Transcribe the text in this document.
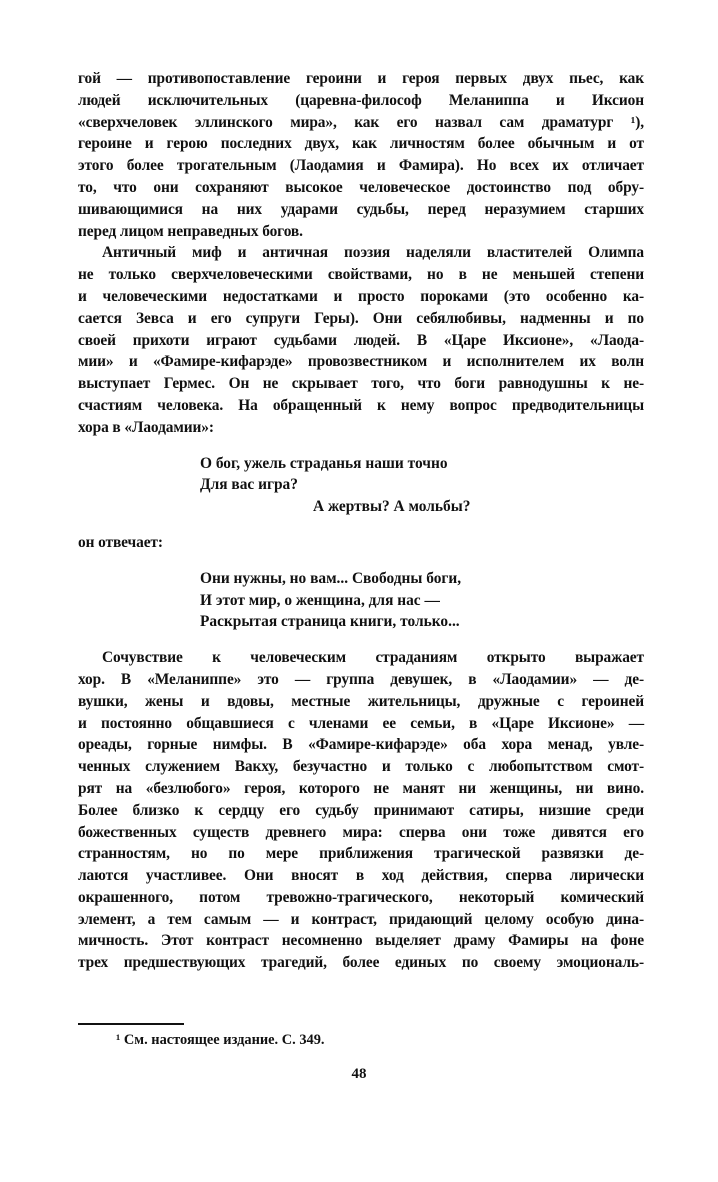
гой — противопоставление героини и героя первых двух пьес, как
людей исключительных (царевна-философ Меланиппа и Иксион
«сверхчеловек эллинского мира», как его назвал сам драматург ¹),
героине и герою последних двух, как личностям более обычным и от
этого более трогательным (Лаодамия и Фамира). Но всех их отличает
то, что они сохраняют высокое человеческое достоинство под обру-
шивающимися на них ударами судьбы, перед неразумием старших
перед лицом неправедных богов.
Античный миф и античная поэзия наделяли властителей Олимпа
не только сверхчеловеческими свойствами, но в не меньшей степени
и человеческими недостатками и просто пороками (это особенно ка-
сается Зевса и его супруги Геры). Они себялюбивы, надменны и по
своей прихоти играют судьбами людей. В «Царе Иксионе», «Лаода-
мии» и «Фамире-кифарэде» провозвестником и исполнителем их волн
выступает Гермес. Он не скрывает того, что боги равнодушны к не-
счастиям человека. На обращенный к нему вопрос предводительницы
хора в «Лаодамии»:
О бог, ужель страданья наши точно
Для вас игра?
А жертвы? А мольбы?
он отвечает:
Они нужны, но вам... Свободны боги,
И этот мир, о женщина, для нас —
Раскрытая страница книги, только...
Сочувствие к человеческим страданиям открыто выражает
хор. В «Меланиппе» это — группа девушек, в «Лаодамии» — де-
вушки, жены и вдовы, местные жительницы, дружные с героиней
и постоянно общавшиеся с членами ее семьи, в «Царе Иксионе» —
ореады, горные нимфы. В «Фамире-кифарэде» оба хора менад, увле-
ченных служением Вакху, безучастно и только с любопытством смот-
рят на «безлюбого» героя, которого не манят ни женщины, ни вино.
Более близко к сердцу его судьбу принимают сатиры, низшие среди
божественных существ древнего мира: сперва они тоже дивятся его
странностям, но по мере приближения трагической развязки де-
лаются участливее. Они вносят в ход действия, сперва лирически
окрашенного, потом тревожно-трагического, некоторый комический
элемент, а тем самым — и контраст, придающий целому особую дина-
мичность. Этот контраст несомненно выделяет драму Фамиры на фоне
трех предшествующих трагедий, более единых по своему эмоциональ-
¹ См. настоящее издание. С. 349.
48
